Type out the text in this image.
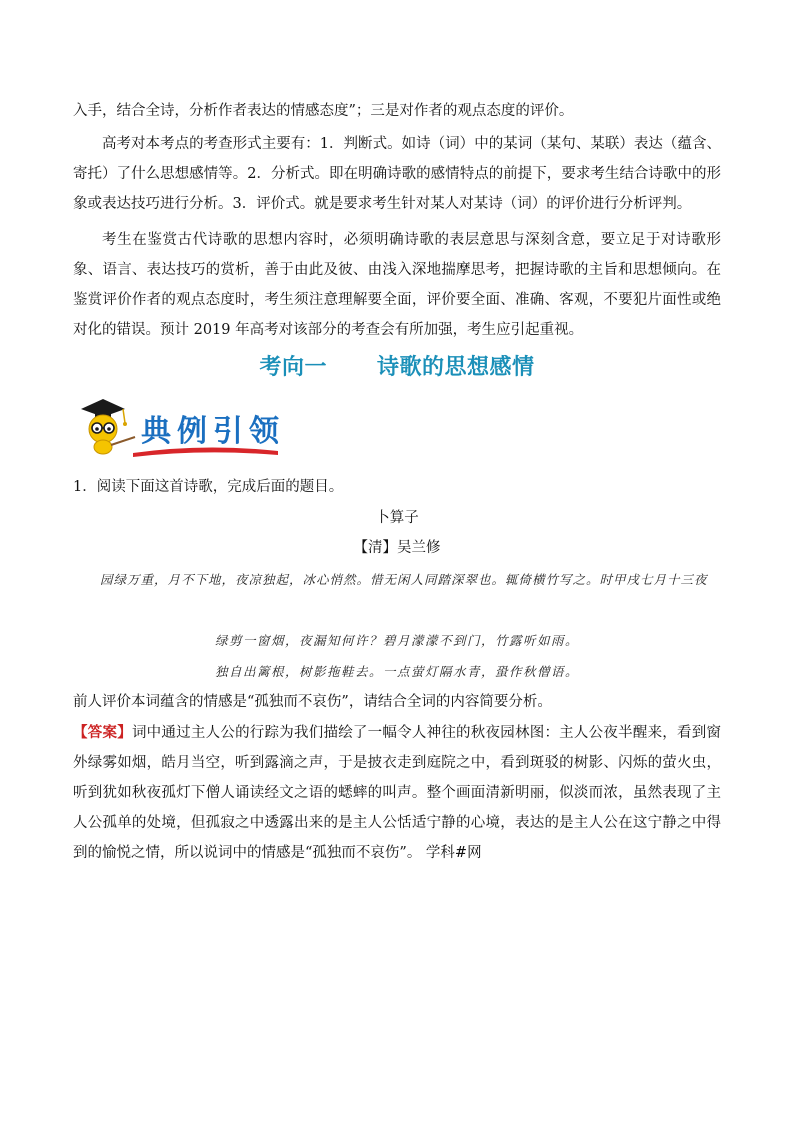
入手，结合全诗，分析作者表达的情感态度”；三是对作者的观点态度的评价。

高考对本考点的考查形式主要有：1．判断式。如诗（词）中的某词（某句、某联）表达（蕴含、寄托）了什么思想感情等。2．分析式。即在明确诗歌的感情特点的前提下，要求考生结合诗歌中的形象或表达技巧进行分析。3．评价式。就是要求考生针对某人对某诗（词）的评价进行分析评判。

考生在鉴赏古代诗歌的思想内容时，必须明确诗歌的表层意思与深刻含意，要立足于对诗歌形象、语言、表达技巧的赏析，善于由此及彼、由浅入深地揣摩思考，把握诗歌的主旨和思想倾向。在鉴赏评价作者的观点态度时，考生须注意理解要全面，评价要全面、准确、客观，不要犯片面性或绝对化的错误。预计 2019 年高考对该部分的考查会有所加强，考生应引起重视。

考向一 诗歌的思想感情
典例引领
1．阅读下面这首诗歌，完成后面的题目。
卜算子
【清】吴兰修

园绿万重，月不下地，夜凉独起，冰心悄然。惜无闲人同踏深翠也。辄倚横竹写之。时甲戌七月十三夜

绿剪一窗烟，夜漏知何许？碧月濛濛不到门，竹露听如雨。
独自出篱根，树影拖鞋去。一点萤灯隔水青，蛩作秋僧语。
前人评价本词蕴含的情感是“孤独而不哀伤”，请结合全词的内容简要分析。

【答案】词中通过主人公的行踪为我们描绘了一幅令人神往的秋夜园林图：主人公夜半醒来，看到窗外绿雾如烟，皓月当空，听到露滴之声，于是披衣走到庭院之中，看到斑驳的树影、闪烁的萤火虫，听到犹如秋夜孤灯下僧人诵读经文之语的蟋蟀的叫声。整个画面清新明丽，似淡而浓，虽然表现了主人公孤单的处境，但孤寂之中透露出来的是主人公恬适宁静的心境，表达的是主人公在这宁静之中得到的愉悦之情，所以说词中的情感是“孤独而不哀伤”。 学科#网
